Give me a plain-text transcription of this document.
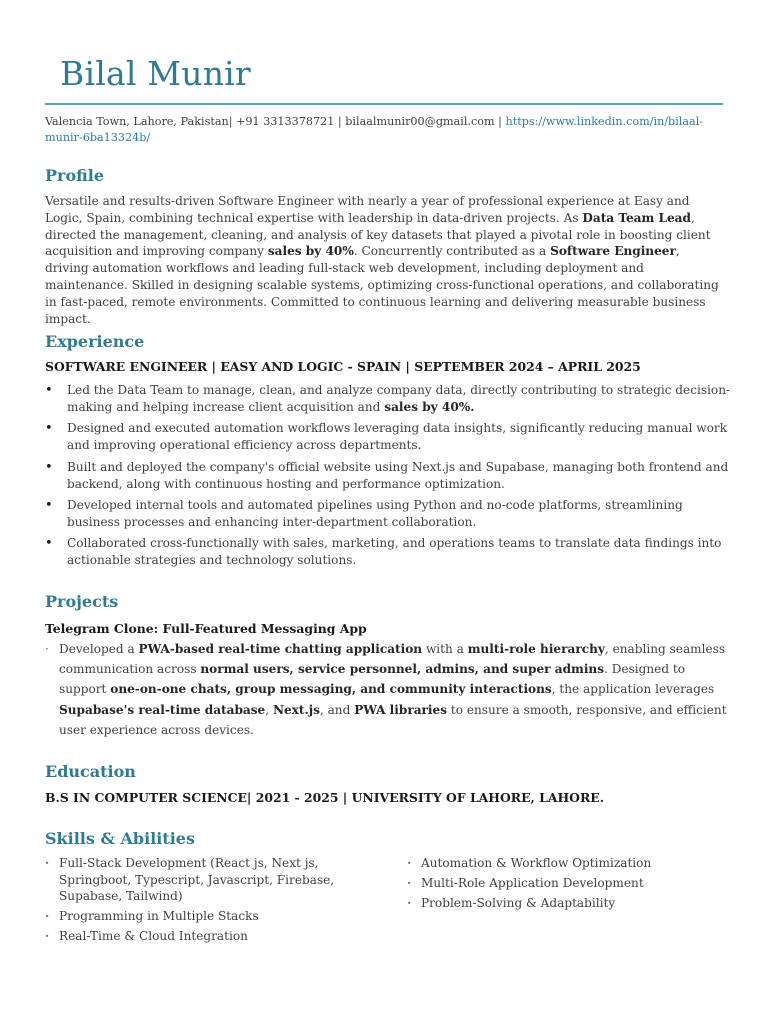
Bilal Munir
Valencia Town, Lahore, Pakistan| +91 3313378721 | bilaalmunir00@gmail.com | https://www.linkedin.com/in/bilaal-munir-6ba13324b/
Profile
Versatile and results-driven Software Engineer with nearly a year of professional experience at Easy and Logic, Spain, combining technical expertise with leadership in data-driven projects. As Data Team Lead, directed the management, cleaning, and analysis of key datasets that played a pivotal role in boosting client acquisition and improving company sales by 40%. Concurrently contributed as a Software Engineer, driving automation workflows and leading full-stack web development, including deployment and maintenance. Skilled in designing scalable systems, optimizing cross-functional operations, and collaborating in fast-paced, remote environments. Committed to continuous learning and delivering measurable business impact.
Experience
SOFTWARE ENGINEER | EASY AND LOGIC - SPAIN | SEPTEMBER 2024 – APRIL 2025
• Led the Data Team to manage, clean, and analyze company data, directly contributing to strategic decision-making and helping increase client acquisition and sales by 40%.
• Designed and executed automation workflows leveraging data insights, significantly reducing manual work and improving operational efficiency across departments.
• Built and deployed the company's official website using Next.js and Supabase, managing both frontend and backend, along with continuous hosting and performance optimization.
• Developed internal tools and automated pipelines using Python and no-code platforms, streamlining business processes and enhancing inter-department collaboration.
• Collaborated cross-functionally with sales, marketing, and operations teams to translate data findings into actionable strategies and technology solutions.
Projects
Telegram Clone: Full-Featured Messaging App
· Developed a PWA-based real-time chatting application with a multi-role hierarchy, enabling seamless communication across normal users, service personnel, admins, and super admins. Designed to support one-on-one chats, group messaging, and community interactions, the application leverages Supabase's real-time database, Next.js, and PWA libraries to ensure a smooth, responsive, and efficient user experience across devices.
Education
B.S IN COMPUTER SCIENCE| 2021 - 2025 | UNIVERSITY OF LAHORE, LAHORE.
Skills & Abilities
· Full-Stack Development (React js, Next js, Springboot, Typescript, Javascript, Firebase, Supabase, Tailwind)
· Programming in Multiple Stacks
· Real-Time & Cloud Integration
· Automation & Workflow Optimization
· Multi-Role Application Development
· Problem-Solving & Adaptability
